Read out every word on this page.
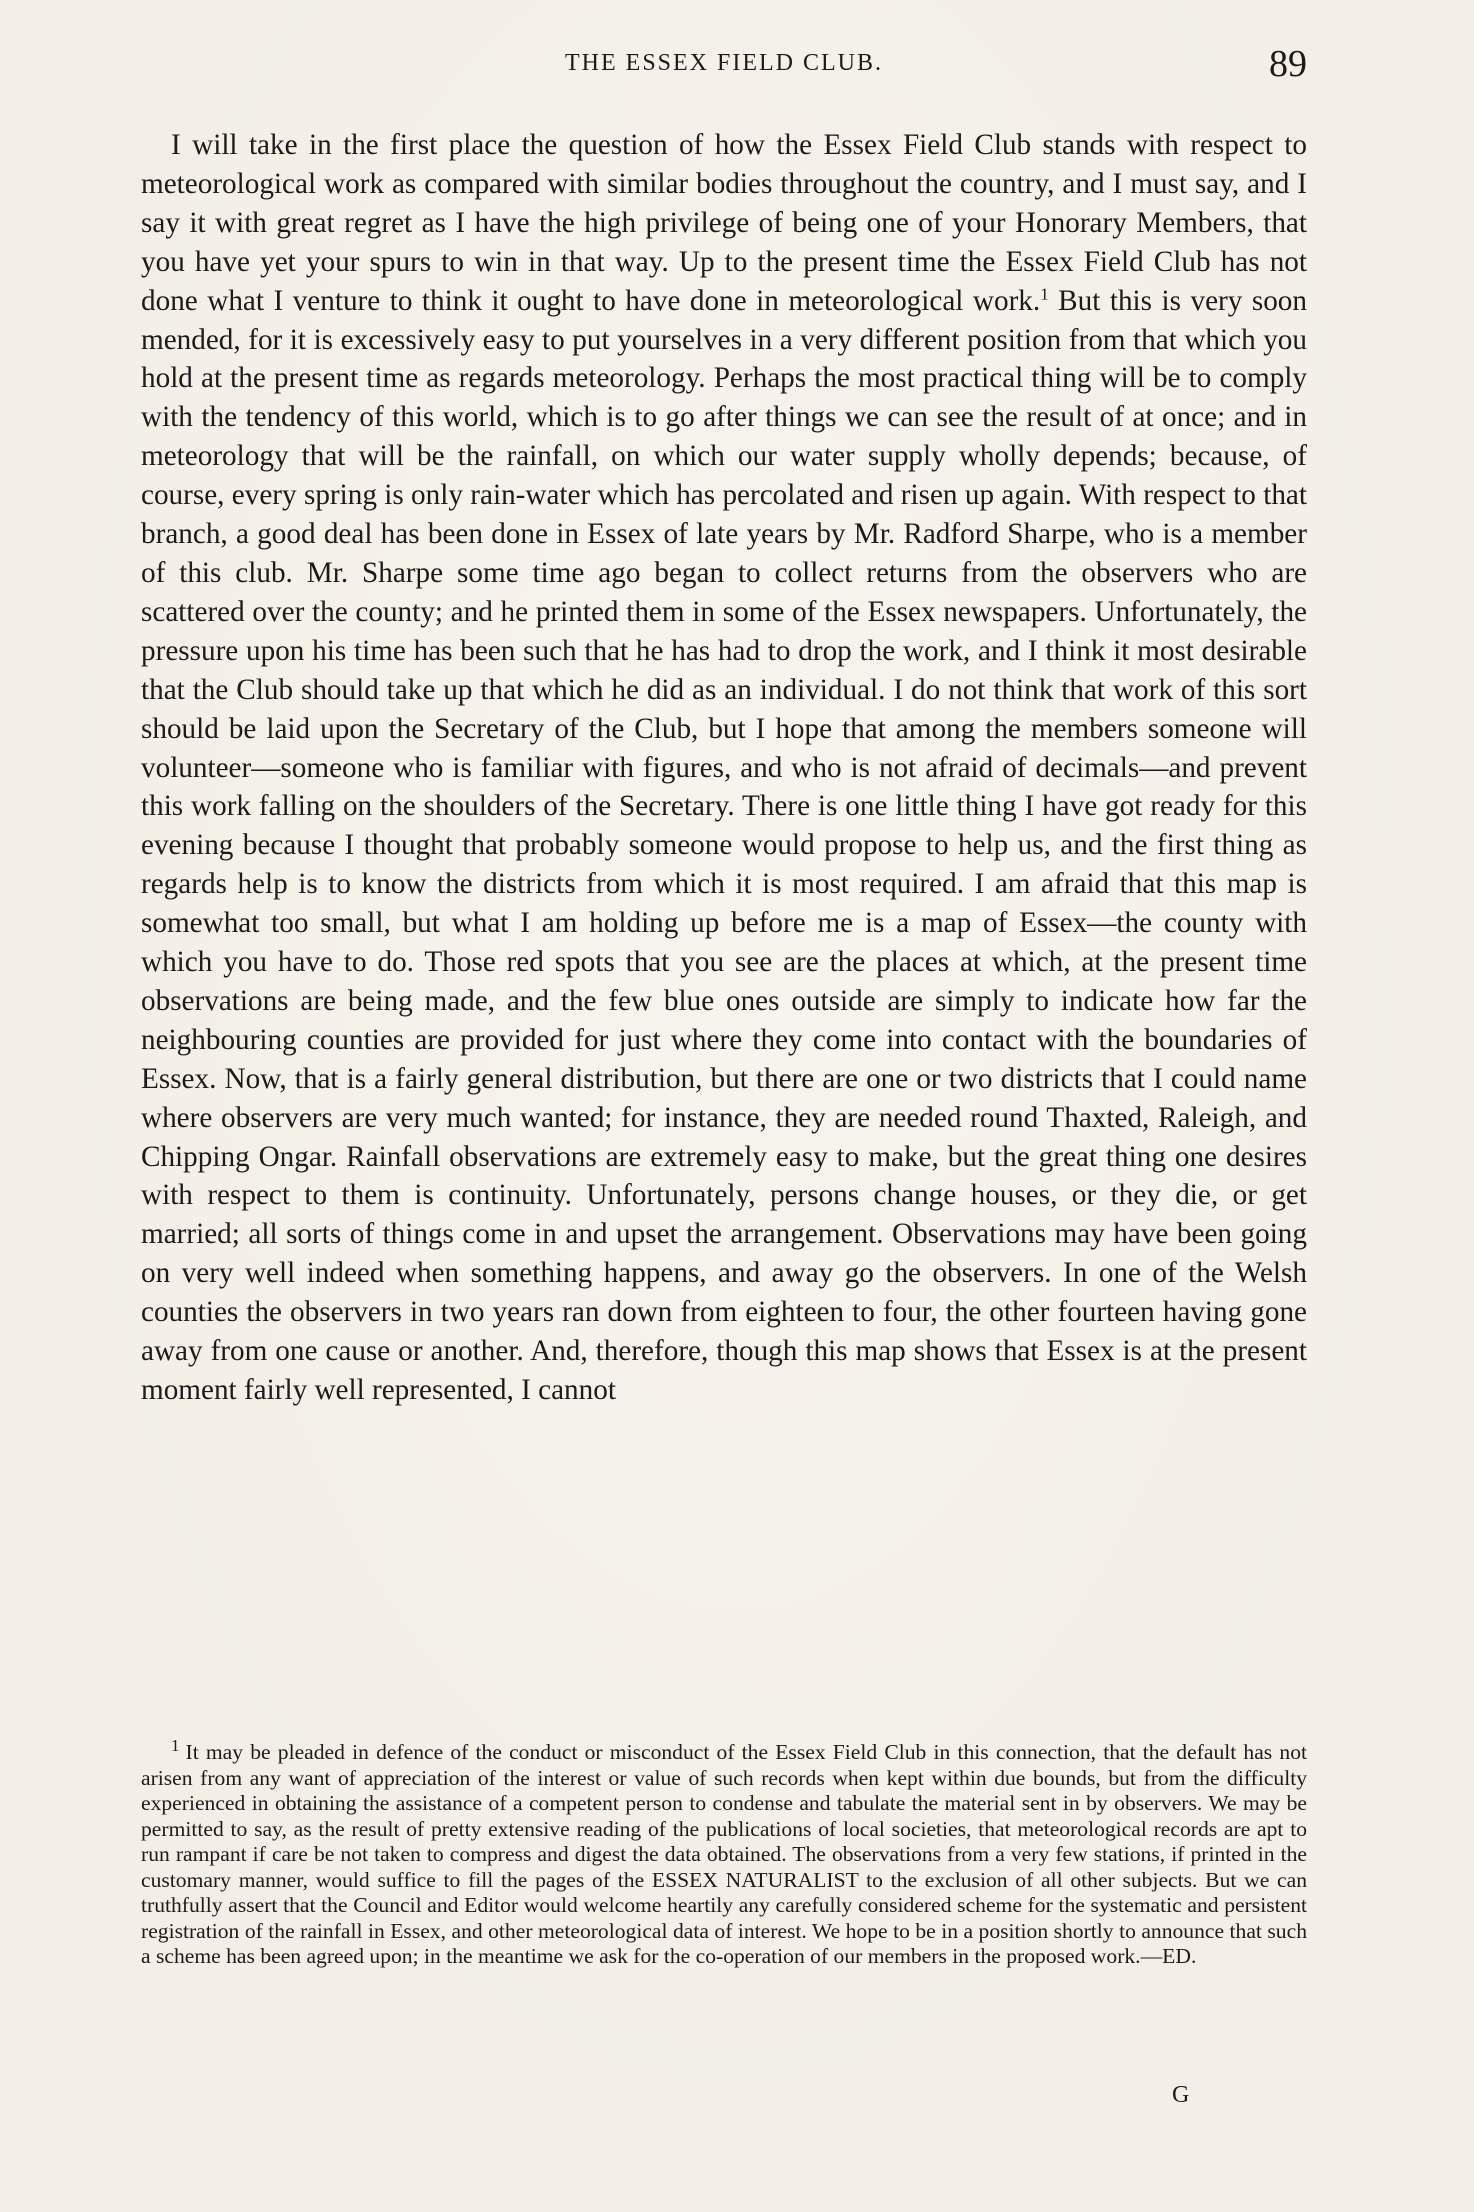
THE ESSEX FIELD CLUB.	89

I will take in the first place the question of how the Essex Field Club stands with respect to meteorological work as compared with similar bodies throughout the country, and I must say, and I say it with great regret as I have the high privilege of being one of your Honorary Members, that you have yet your spurs to win in that way. Up to the present time the Essex Field Club has not done what I venture to think it ought to have done in meteorological work.$^1$ But this is very soon mended, for it is excessively easy to put yourselves in a very different position from that which you hold at the present time as regards meteorology. Perhaps the most practical thing will be to comply with the tendency of this world, which is to go after things we can see the result of at once; and in meteorology that will be the rainfall, on which our water supply wholly depends; because, of course, every spring is only rain-water which has percolated and risen up again. With respect to that branch, a good deal has been done in Essex of late years by Mr. Radford Sharpe, who is a member of this club. Mr. Sharpe some time ago began to collect returns from the observers who are scattered over the county; and he printed them in some of the Essex newspapers. Unfortunately, the pressure upon his time has been such that he has had to drop the work, and I think it most desirable that the Club should take up that which he did as an individual. I do not think that work of this sort should be laid upon the Secretary of the Club, but I hope that among the members someone will volunteer—someone who is familiar with figures, and who is not afraid of decimals—and prevent this work falling on the shoulders of the Secretary. There is one little thing I have got ready for this evening because I thought that probably someone would propose to help us, and the first thing as regards help is to know the districts from which it is most required. I am afraid that this map is somewhat too small, but what I am holding up before me is a map of Essex—the county with which you have to do. Those red spots that you see are the places at which, at the present time observations are being made, and the few blue ones outside are simply to indicate how far the neighbouring counties are provided for just where they come into contact with the boundaries of Essex. Now, that is a fairly general distribution, but there are one or two districts that I could name where observers are very much wanted; for instance, they are needed round Thaxted, Raleigh, and Chipping Ongar. Rainfall observations are extremely easy to make, but the great thing one desires with respect to them is continuity. Unfortunately, persons change houses, or they die, or get married; all sorts of things come in and upset the arrangement. Observations may have been going on very well indeed when something happens, and away go the observers. In one of the Welsh counties the observers in two years ran down from eighteen to four, the other fourteen having gone away from one cause or another. And, therefore, though this map shows that Essex is at the present moment fairly well represented, I cannot

$^1$ It may be pleaded in defence of the conduct or misconduct of the Essex Field Club in this connection, that the default has not arisen from any want of appreciation of the interest or value of such records when kept within due bounds, but from the difficulty experienced in obtaining the assistance of a competent person to condense and tabulate the material sent in by observers. We may be permitted to say, as the result of pretty extensive reading of the publications of local societies, that meteorological records are apt to run rampant if care be not taken to compress and digest the data obtained. The observations from a very few stations, if printed in the customary manner, would suffice to fill the pages of the ESSEX NATURALIST to the exclusion of all other subjects. But we can truthfully assert that the Council and Editor would welcome heartily any carefully considered scheme for the systematic and persistent registration of the rainfall in Essex, and other meteorological data of interest. We hope to be in a position shortly to announce that such a scheme has been agreed upon; in the meantime we ask for the co-operation of our members in the proposed work.—ED.

G
